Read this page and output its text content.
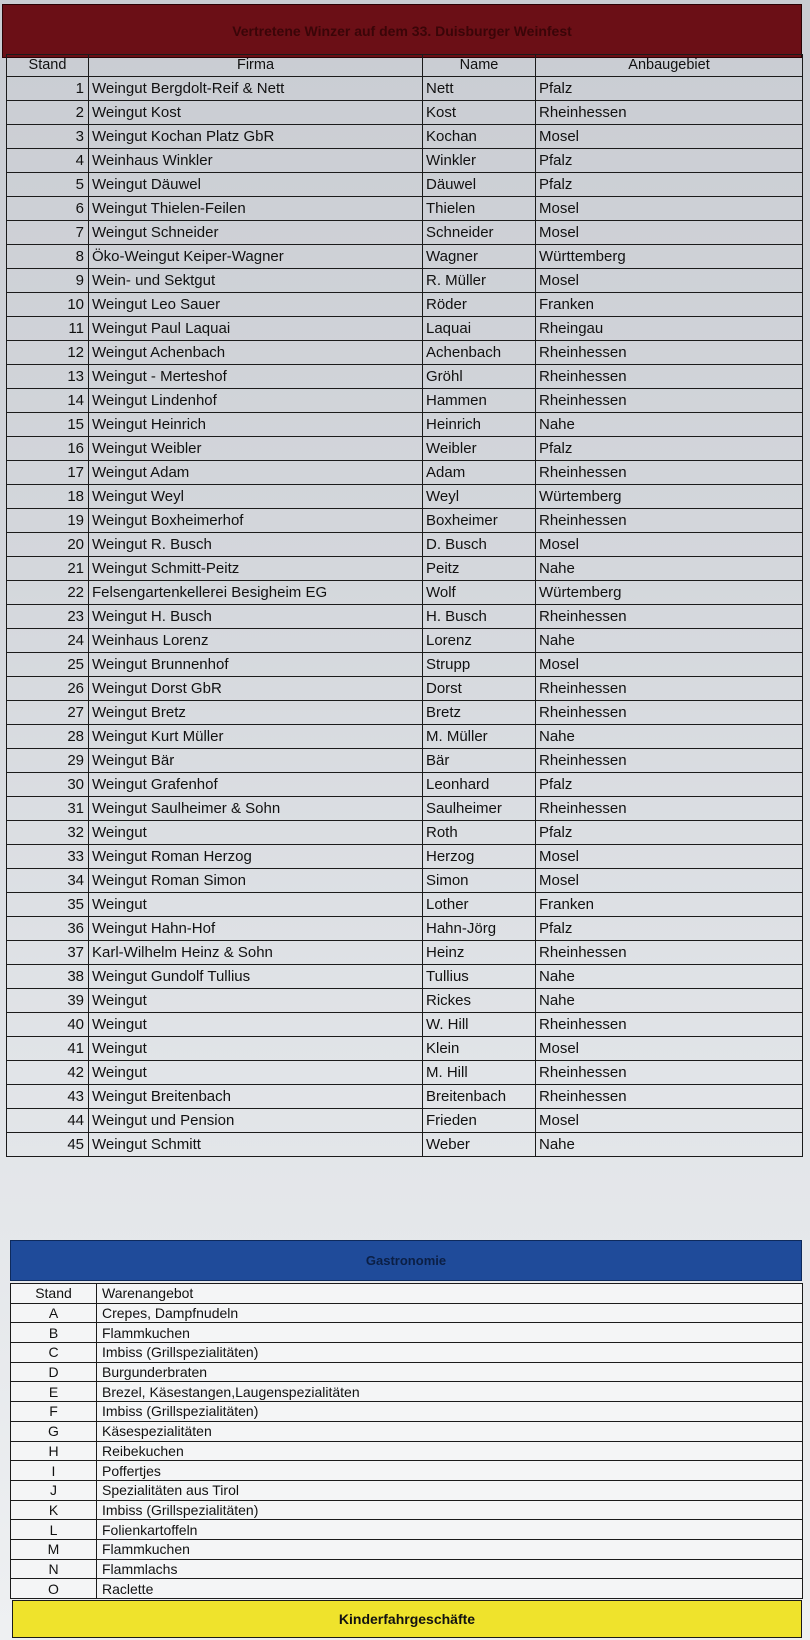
Vertretene Winzer auf dem 33. Duisburger Weinfest
Stand	Firma	Name	Anbaugebiet
1	Weingut Bergdolt-Reif & Nett	Nett	Pfalz
2	Weingut Kost	Kost	Rheinhessen
3	Weingut Kochan Platz GbR	Kochan	Mosel
4	Weinhaus Winkler	Winkler	Pfalz
5	Weingut Däuwel	Däuwel	Pfalz
6	Weingut Thielen-Feilen	Thielen	Mosel
7	Weingut Schneider	Schneider	Mosel
8	Öko-Weingut Keiper-Wagner	Wagner	Württemberg
9	Wein- und Sektgut	R. Müller	Mosel
10	Weingut Leo Sauer	Röder	Franken
11	Weingut Paul Laquai	Laquai	Rheingau
12	Weingut Achenbach	Achenbach	Rheinhessen
13	Weingut - Merteshof	Gröhl	Rheinhessen
14	Weingut Lindenhof	Hammen	Rheinhessen
15	Weingut Heinrich	Heinrich	Nahe
16	Weingut Weibler	Weibler	Pfalz
17	Weingut Adam	Adam	Rheinhessen
18	Weingut Weyl	Weyl	Würtemberg
19	Weingut Boxheimerhof	Boxheimer	Rheinhessen
20	Weingut R. Busch	D. Busch	Mosel
21	Weingut Schmitt-Peitz	Peitz	Nahe
22	Felsengartenkellerei Besigheim EG	Wolf	Würtemberg
23	Weingut H. Busch	H. Busch	Rheinhessen
24	Weinhaus Lorenz	Lorenz	Nahe
25	Weingut Brunnenhof	Strupp	Mosel
26	Weingut Dorst GbR	Dorst	Rheinhessen
27	Weingut Bretz	Bretz	Rheinhessen
28	Weingut Kurt Müller	M. Müller	Nahe
29	Weingut Bär	Bär	Rheinhessen
30	Weingut Grafenhof	Leonhard	Pfalz
31	Weingut Saulheimer & Sohn	Saulheimer	Rheinhessen
32	Weingut	Roth	Pfalz
33	Weingut Roman Herzog	Herzog	Mosel
34	Weingut Roman Simon	Simon	Mosel
35	Weingut	Lother	Franken
36	Weingut Hahn-Hof	Hahn-Jörg	Pfalz
37	Karl-Wilhelm Heinz & Sohn	Heinz	Rheinhessen
38	Weingut Gundolf Tullius	Tullius	Nahe
39	Weingut	Rickes	Nahe
40	Weingut	W. Hill	Rheinhessen
41	Weingut	Klein	Mosel
42	Weingut	M. Hill	Rheinhessen
43	Weingut Breitenbach	Breitenbach	Rheinhessen
44	Weingut und Pension	Frieden	Mosel
45	Weingut Schmitt	Weber	Nahe
Gastronomie
Stand	Warenangebot
A	Crepes, Dampfnudeln
B	Flammkuchen
C	Imbiss (Grillspezialitäten)
D	Burgunderbraten
E	Brezel, Käsestangen,Laugenspezialitäten
F	Imbiss (Grillspezialitäten)
G	Käsespezialitäten
H	Reibekuchen
I	Poffertjes
J	Spezialitäten aus Tirol
K	Imbiss (Grillspezialitäten)
L	Folienkartoffeln
M	Flammkuchen
N	Flammlachs
O	Raclette
Kinderfahrgeschäfte
